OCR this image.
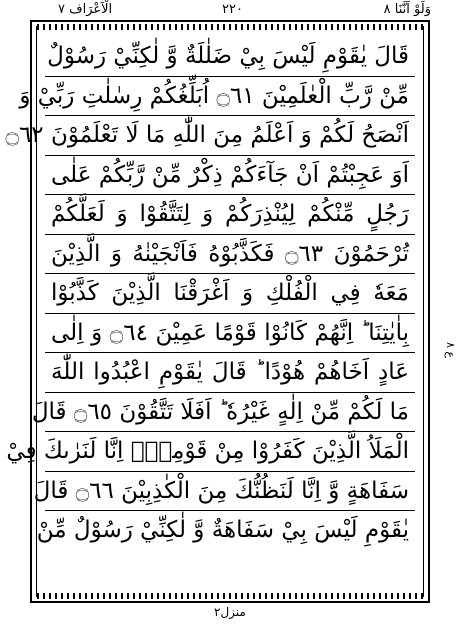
الْاَعْرَاف ٧	٢٢٠	وَلَوْ اَنَّنَا ٨
قَالَ يٰقَوْمِ لَيْسَ بِيْ ضَلٰلَةٌ وَّ لٰكِنِّيْ رَسُوْلٌ
مِّنْ رَّبِّ الْعٰلَمِيْنَ ۝٦١ اُبَلِّغُكُمْ رِسٰلٰتِ رَبِّيْ وَ
اَنْصَحُ لَكُمْ وَ اَعْلَمُ مِنَ اللّٰهِ مَا لَا تَعْلَمُوْنَ ۝٦٢
اَوَ عَجِبْتُمْ اَنْ جَآءَكُمْ ذِكْرٌ مِّنْ رَّبِّكُمْ عَلٰى
رَجُلٍ مِّنْكُمْ لِيُنْذِرَكُمْ وَ لِتَتَّقُوْا وَ لَعَلَّكُمْ
تُرْحَمُوْنَ ۝٦٣ فَكَذَّبُوْهُ فَاَنْجَيْنٰهُ وَ الَّذِيْنَ
مَعَهٗ فِي الْفُلْكِ وَ اَغْرَقْنَا الَّذِيْنَ كَذَّبُوْا
بِاٰيٰتِنَا ؕ اِنَّهُمْ كَانُوْا قَوْمًا عَمِيْنَ ۝٦٤ وَ اِلٰى
عَادٍ اَخَاهُمْ هُوْدًا ؕ قَالَ يٰقَوْمِ اعْبُدُوا اللّٰهَ
مَا لَكُمْ مِّنْ اِلٰهٍ غَيْرُهٗ ؕ اَفَلَا تَتَّقُوْنَ ۝٦٥ قَالَ
الْمَلَاُ الَّذِيْنَ كَفَرُوْا مِنْ قَوْمِهٖۤ اِنَّا لَنَرٰىكَ فِيْ
سَفَاهَةٍ وَّ اِنَّا لَنَظُنُّكَ مِنَ الْكٰذِبِيْنَ ۝٦٦ قَالَ
يٰقَوْمِ لَيْسَ بِيْ سَفَاهَةٌ وَّ لٰكِنِّيْ رَسُوْلٌ مِّنْ
ع ٨
منزل٢
